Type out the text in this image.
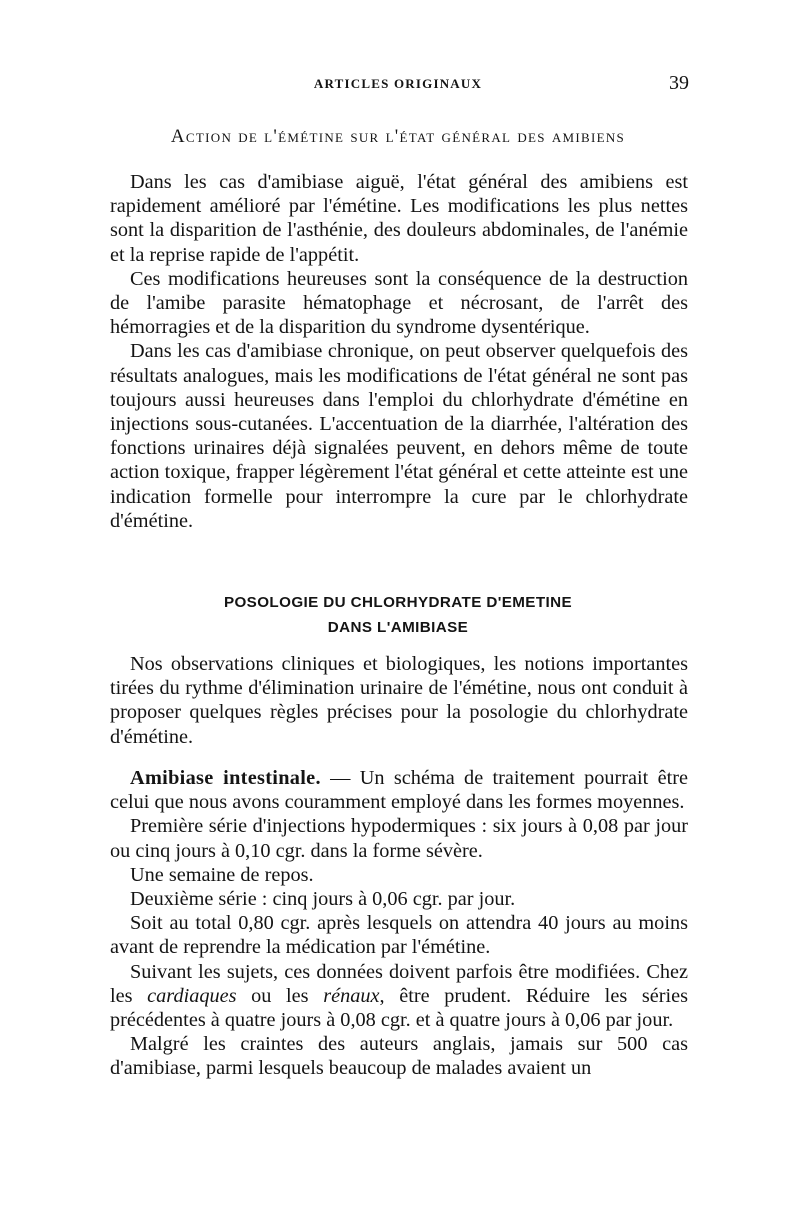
ARTICLES ORIGINAUX	39
Action de l'émétine sur l'état général des amibiens

Dans les cas d'amibiase aiguë, l'état général des amibiens est rapidement amélioré par l'émétine. Les modifications les plus nettes sont la disparition de l'asthénie, des douleurs abdominales, de l'anémie et la reprise rapide de l'appétit.

Ces modifications heureuses sont la conséquence de la destruction de l'amibe parasite hématophage et nécrosant, de l'arrêt des hémorragies et de la disparition du syndrome dysentérique.

Dans les cas d'amibiase chronique, on peut observer quelquefois des résultats analogues, mais les modifications de l'état général ne sont pas toujours aussi heureuses dans l'emploi du chlorhydrate d'émétine en injections sous-cutanées. L'accentuation de la diarrhée, l'altération des fonctions urinaires déjà signalées peuvent, en dehors même de toute action toxique, frapper légèrement l'état général et cette atteinte est une indication formelle pour interrompre la cure par le chlorhydrate d'émétine.

POSOLOGIE DU CHLORHYDRATE D'EMETINE
DANS L'AMIBIASE

Nos observations cliniques et biologiques, les notions importantes tirées du rythme d'élimination urinaire de l'émétine, nous ont conduit à proposer quelques règles précises pour la posologie du chlorhydrate d'émétine.

Amibiase intestinale. — Un schéma de traitement pourrait être celui que nous avons couramment employé dans les formes moyennes.

Première série d'injections hypodermiques : six jours à 0,08 par jour ou cinq jours à 0,10 cgr. dans la forme sévère.

Une semaine de repos.

Deuxième série : cinq jours à 0,06 cgr. par jour.

Soit au total 0,80 cgr. après lesquels on attendra 40 jours au moins avant de reprendre la médication par l'émétine.

Suivant les sujets, ces données doivent parfois être modifiées. Chez les cardiaques ou les rénaux, être prudent. Réduire les séries précédentes à quatre jours à 0,08 cgr. et à quatre jours à 0,06 par jour.

Malgré les craintes des auteurs anglais, jamais sur 500 cas d'amibiase, parmi lesquels beaucoup de malades avaient un
